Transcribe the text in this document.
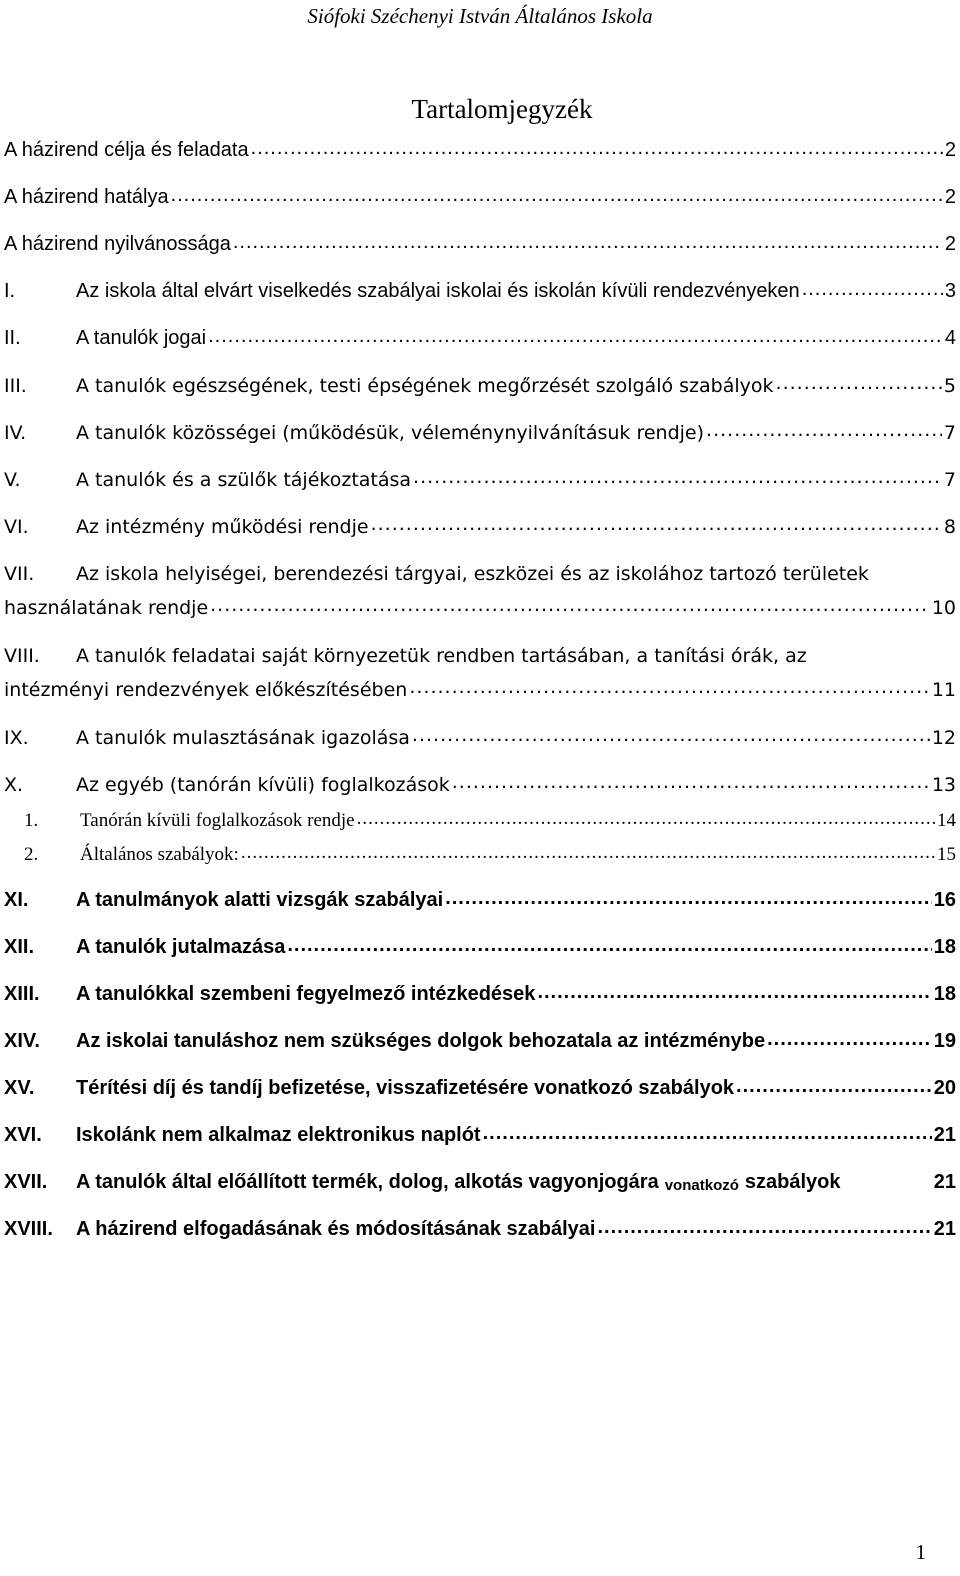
Siófoki Széchenyi István Általános Iskola
Tartalomjegyzék
A házirend célja és feladata .....	2
A házirend hatálya .....	2
A házirend nyilvánossága .....	2
I.	Az iskola által elvárt viselkedés szabályai iskolai és iskolán kívüli rendezvényeken .....	3
II.	A tanulók jogai .....	4
III.	A tanulók egészségének, testi épségének megőrzését szolgáló szabályok .....	5
IV.	A tanulók közösségei (működésük, véleménynyilvánításuk rendje) .....	7
V.	A tanulók és a szülők tájékoztatása .....	7
VI.	Az intézmény működési rendje .....	8
VII.	Az iskola helyiségei, berendezési tárgyai, eszközei és az iskolához tartozó területek
használatának rendje .....	10
VIII.	A tanulók feladatai saját környezetük rendben tartásában, a tanítási órák, az
intézményi rendezvények előkészítésében .....	11
IX.	A tanulók mulasztásának igazolása .....	12
X.	Az egyéb (tanórán kívüli) foglalkozások .....	13
1.	Tanórán kívüli foglalkozások rendje .....	14
2.	Általános szabályok: .....	15
XI.	A tanulmányok alatti vizsgák szabályai .....	16
XII.	A tanulók jutalmazása .....	18
XIII.	A tanulókkal szembeni fegyelmező intézkedések .....	18
XIV.	Az iskolai tanuláshoz nem szükséges dolgok behozatala az intézménybe .....	19
XV.	Térítési díj és tandíj befizetése, visszafizetésére vonatkozó szabályok .....	20
XVI.	Iskolánk nem alkalmaz elektronikus naplót .....	21
XVII.	A tanulók által előállított termék, dolog, alkotás vagyonjogára vonatkozó szabályok	21
XVIII.	A házirend elfogadásának és módosításának szabályai .....	21
1
